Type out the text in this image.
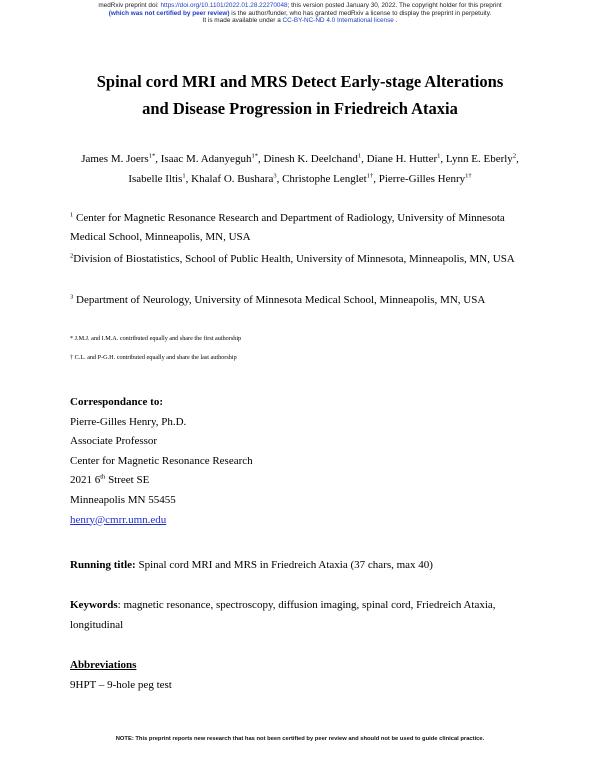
medRxiv preprint doi: https://doi.org/10.1101/2022.01.28.22270048; this version posted January 30, 2022. The copyright holder for this preprint
(which was not certified by peer review) is the author/funder, who has granted medRxiv a license to display the preprint in perpetuity.
It is made available under a CC-BY-NC-ND 4.0 International license .
Spinal cord MRI and MRS Detect Early-stage Alterations
and Disease Progression in Friedreich Ataxia
James M. Joers$^{1*}$, Isaac M. Adanyeguh$^{1*}$, Dinesh K. Deelchand$^1$, Diane H. Hutter$^1$, Lynn E. Eberly$^2$, Isabelle Iltis$^1$, Khalaf O. Bushara$^3$, Christophe Lenglet$^{1\dagger}$, Pierre-Gilles Henry$^{1\dagger}$
$^1$ Center for Magnetic Resonance Research and Department of Radiology, University of Minnesota Medical School, Minneapolis, MN, USA
$^2$Division of Biostatistics, School of Public Health, University of Minnesota, Minneapolis, MN, USA
$^3$ Department of Neurology, University of Minnesota Medical School, Minneapolis, MN, USA
* J.M.J. and I.M.A. contributed equally and share the first authorship
† C.L. and P-G.H. contributed equally and share the last authorship
Correspondance to:
Pierre-Gilles Henry, Ph.D.
Associate Professor
Center for Magnetic Resonance Research
2021 6th Street SE
Minneapolis MN 55455
henry@cmrr.umn.edu
Running title: Spinal cord MRI and MRS in Friedreich Ataxia (37 chars, max 40)
Keywords: magnetic resonance, spectroscopy, diffusion imaging, spinal cord, Friedreich Ataxia, longitudinal
Abbreviations
9HPT – 9-hole peg test
NOTE: This preprint reports new research that has not been certified by peer review and should not be used to guide clinical practice.
